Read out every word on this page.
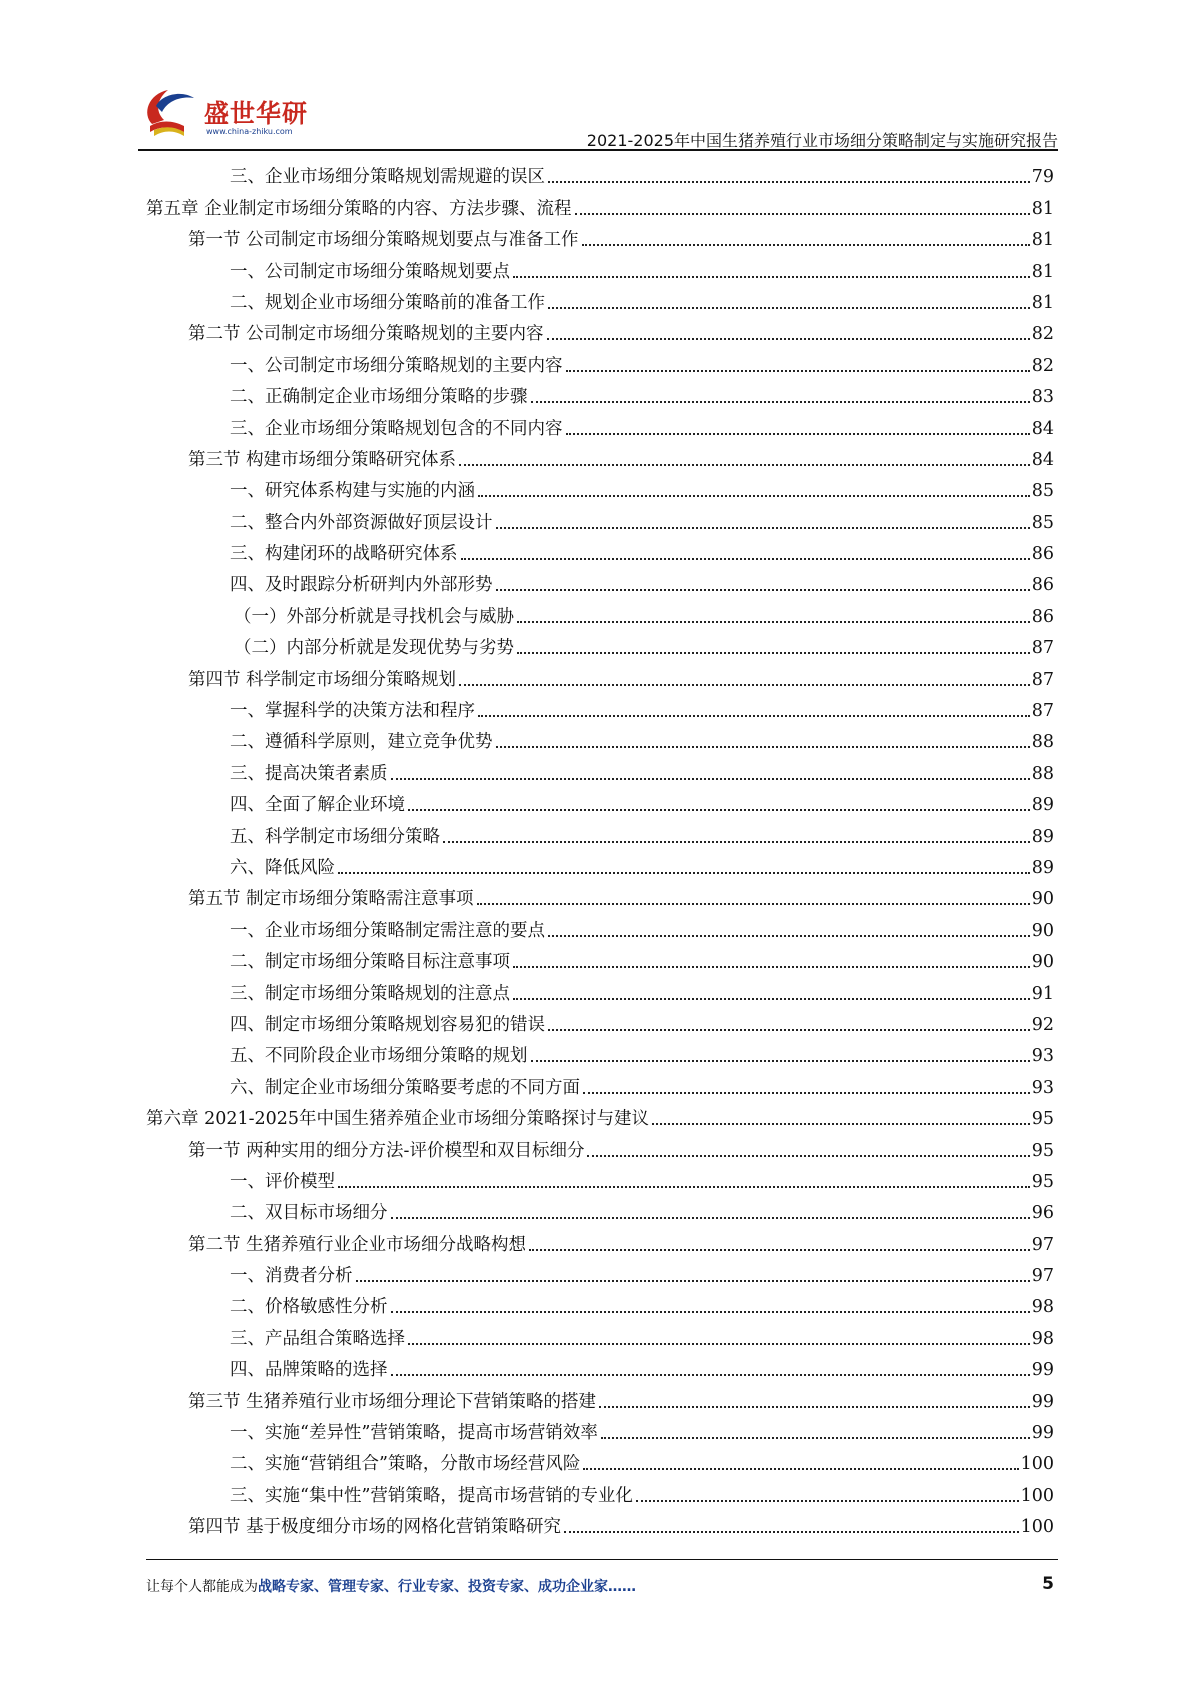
盛世华研
www.china-zhiku.com	2021-2025年中国生猪养殖行业市场细分策略制定与实施研究报告
三、企业市场细分策略规划需规避的误区	79
第五章 企业制定市场细分策略的内容、方法步骤、流程	81
第一节 公司制定市场细分策略规划要点与准备工作	81
一、公司制定市场细分策略规划要点	81
二、规划企业市场细分策略前的准备工作	81
第二节 公司制定市场细分策略规划的主要内容	82
一、公司制定市场细分策略规划的主要内容	82
二、正确制定企业市场细分策略的步骤	83
三、企业市场细分策略规划包含的不同内容	84
第三节 构建市场细分策略研究体系	84
一、研究体系构建与实施的内涵	85
二、整合内外部资源做好顶层设计	85
三、构建闭环的战略研究体系	86
四、及时跟踪分析研判内外部形势	86
（一）外部分析就是寻找机会与威胁	86
（二）内部分析就是发现优势与劣势	87
第四节 科学制定市场细分策略规划	87
一、掌握科学的决策方法和程序	87
二、遵循科学原则，建立竞争优势	88
三、提高决策者素质	88
四、全面了解企业环境	89
五、科学制定市场细分策略	89
六、降低风险	89
第五节 制定市场细分策略需注意事项	90
一、企业市场细分策略制定需注意的要点	90
二、制定市场细分策略目标注意事项	90
三、制定市场细分策略规划的注意点	91
四、制定市场细分策略规划容易犯的错误	92
五、不同阶段企业市场细分策略的规划	93
六、制定企业市场细分策略要考虑的不同方面	93
第六章 2021-2025年中国生猪养殖企业市场细分策略探讨与建议	95
第一节 两种实用的细分方法-评价模型和双目标细分	95
一、评价模型	95
二、双目标市场细分	96
第二节 生猪养殖行业企业市场细分战略构想	97
一、消费者分析	97
二、价格敏感性分析	98
三、产品组合策略选择	98
四、品牌策略的选择	99
第三节 生猪养殖行业市场细分理论下营销策略的搭建	99
一、实施“差异性”营销策略，提高市场营销效率	99
二、实施“营销组合”策略，分散市场经营风险	100
三、实施“集中性”营销策略，提高市场营销的专业化	100
第四节 基于极度细分市场的网格化营销策略研究	100
让每个人都能成为战略专家、管理专家、行业专家、投资专家、成功企业家……	5
